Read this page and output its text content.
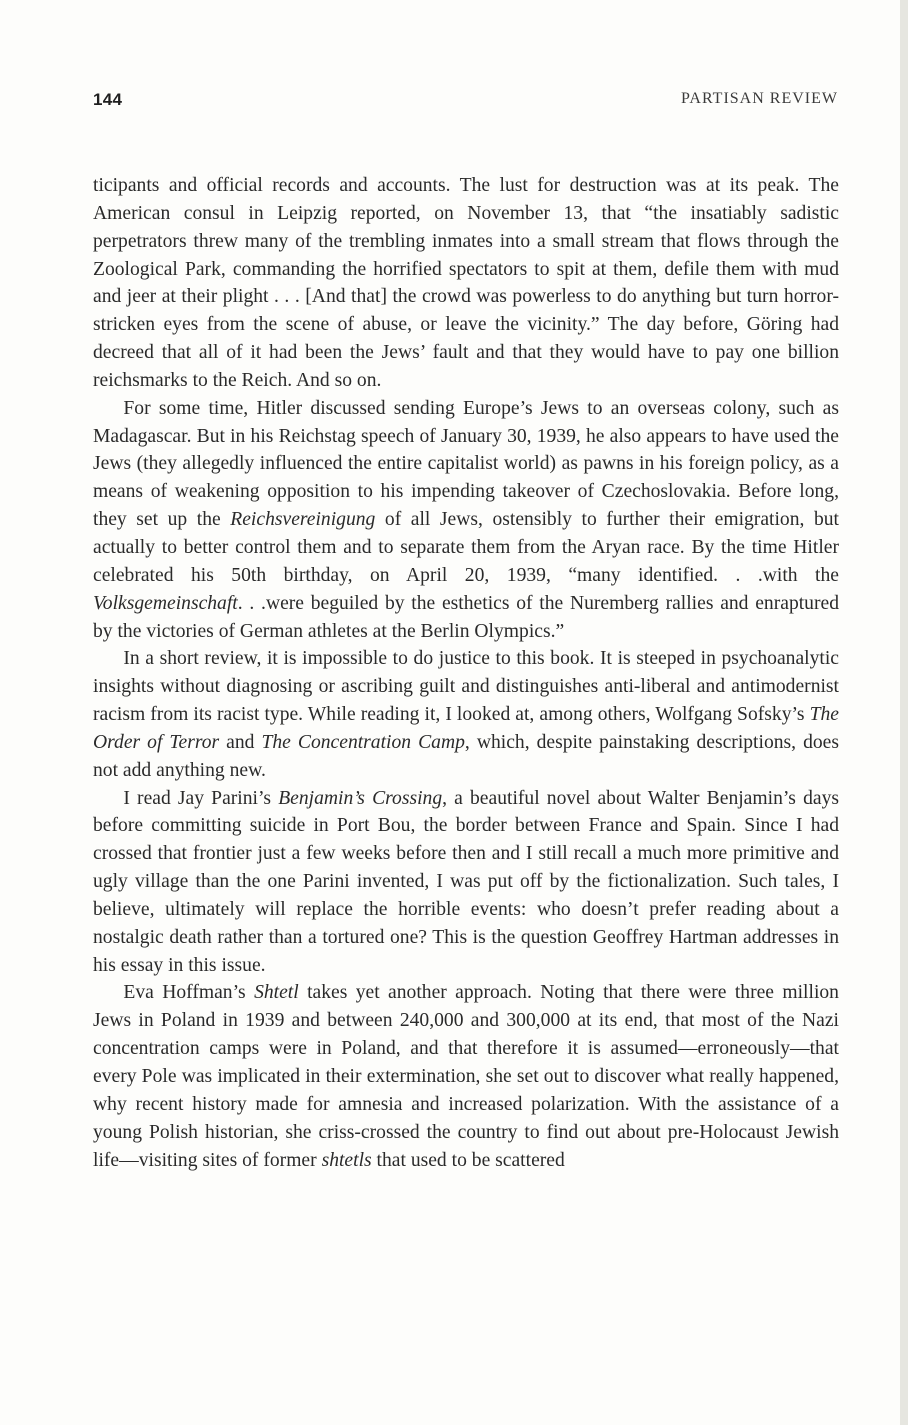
144	PARTISAN REVIEW

ticipants and official records and accounts. The lust for destruction was at its peak. The American consul in Leipzig reported, on November 13, that “the insatiably sadistic perpetrators threw many of the trembling inmates into a small stream that flows through the Zoological Park, commanding the horrified spectators to spit at them, defile them with mud and jeer at their plight . . . [And that] the crowd was powerless to do anything but turn horror-stricken eyes from the scene of abuse, or leave the vicinity.” The day before, Göring had decreed that all of it had been the Jews’ fault and that they would have to pay one billion reichsmarks to the Reich. And so on.

For some time, Hitler discussed sending Europe’s Jews to an overseas colony, such as Madagascar. But in his Reichstag speech of January 30, 1939, he also appears to have used the Jews (they allegedly influenced the entire capitalist world) as pawns in his foreign policy, as a means of weakening opposition to his impending takeover of Czechoslovakia. Before long, they set up the Reichsvereinigung of all Jews, ostensibly to further their emigration, but actually to better control them and to separate them from the Aryan race. By the time Hitler celebrated his 50th birthday, on April 20, 1939, “many identified. . .with the Volksgemeinschaft. . .were beguiled by the esthetics of the Nuremberg rallies and enraptured by the victories of German athletes at the Berlin Olympics.”

In a short review, it is impossible to do justice to this book. It is steeped in psychoanalytic insights without diagnosing or ascribing guilt and distinguishes anti-liberal and antimodernist racism from its racist type. While reading it, I looked at, among others, Wolfgang Sofsky’s The Order of Terror and The Concentration Camp, which, despite painstaking descriptions, does not add anything new.

I read Jay Parini’s Benjamin’s Crossing, a beautiful novel about Walter Benjamin’s days before committing suicide in Port Bou, the border between France and Spain. Since I had crossed that frontier just a few weeks before then and I still recall a much more primitive and ugly village than the one Parini invented, I was put off by the fictionalization. Such tales, I believe, ultimately will replace the horrible events: who doesn’t prefer reading about a nostalgic death rather than a tortured one? This is the question Geoffrey Hartman addresses in his essay in this issue.

Eva Hoffman’s Shtetl takes yet another approach. Noting that there were three million Jews in Poland in 1939 and between 240,000 and 300,000 at its end, that most of the Nazi concentration camps were in Poland, and that therefore it is assumed—erroneously—that every Pole was implicated in their extermination, she set out to discover what really happened, why recent history made for amnesia and increased polarization. With the assistance of a young Polish historian, she criss-crossed the country to find out about pre-Holocaust Jewish life—visiting sites of former shtetls that used to be scattered
